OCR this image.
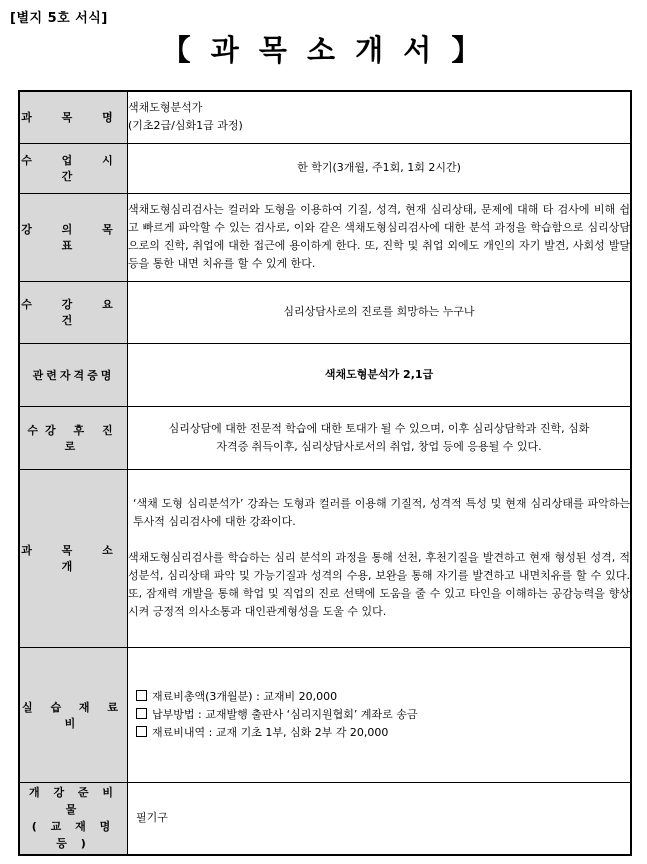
[별지 5호 서식]
【 과 목 소 개 서 】
과 목 명	색채도형분석가
(기초2급/심화1급 과정)

수 업 시 간	한 학기(3개월, 주1회, 1회 2시간)
강 의 목 표	색채도형심리검사는 컬러와 도형을 이용하여 기질, 성격, 현재 심리상태, 문제에 대해 타 검사에 비해 쉽고 빠르게 파악할 수 있는 검사로, 이와 같은 색채도형심리검사에 대한 분석 과정을 학습함으로 심리상담으로의 진학, 취업에 대한 접근에 용이하게 한다. 또, 진학 및 취업 외에도 개인의 자기 발견, 사회성 발달등을 통한 내면 치유를 할 수 있게 한다.
수 강 요 건	심리상담사로의 진로를 희망하는 누구나
관련자격증명	색채도형분석가 2,1급
수강 후 진로	심리상담에 대한 전문적 학습에 대한 토대가 될 수 있으며, 이후 심리상담학과 진학, 심화
자격증 취득이후, 심리상담사로서의 취업, 창업 등에 응용될 수 있다.

과 목 소 개	‘색채 도형 심리분석가’ 강좌는 도형과 컬러를 이용해 기질적, 성격적 특성 및 현재 심리상태를 파악하는 투사적 심리검사에 대한 강좌이다.
색채도형심리검사를 학습하는 심리 분석의 과정을 통해 선천, 후천기질을 발견하고 현재 형성된 성격, 적성분석, 심리상태 파악 및 가능기질과 성격의 수용, 보완을 통해 자기를 발견하고 내면치유를 할 수 있다. 또, 잠재력 개발을 통해 학업 및 직업의 진로 선택에 도움을 줄 수 있고 타인을 이해하는 공감능력을 향상시켜 긍정적 의사소통과 대인관계형성을 도울 수 있다.

실 습 재 료 비	재료비총액(3개월분) : 교재비 20,000
납부방법 : 교재발행 출판사 ‘심리지원협회’ 계좌로 송금
재료비내역 : 교재 기초 1부, 심화 2부 각 20,000

개 강 준 비 물
( 교 재 명 등 )	필기구
